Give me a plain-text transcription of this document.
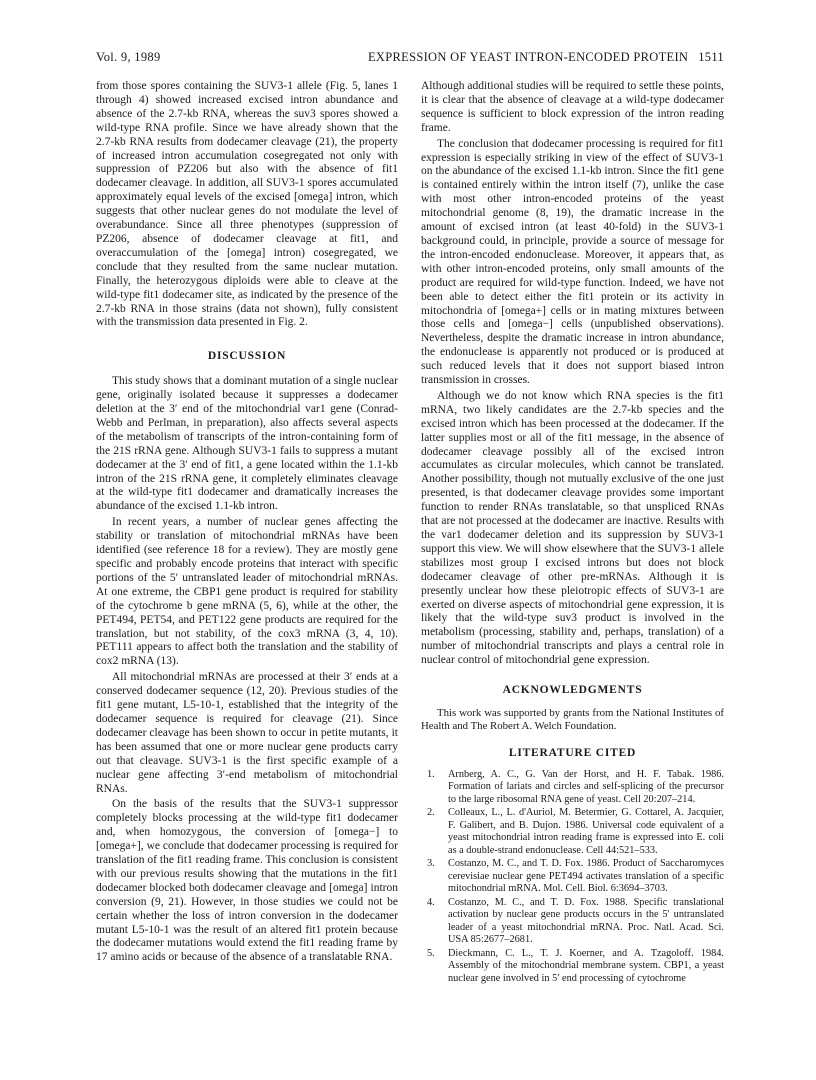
Vol. 9, 1989	EXPRESSION OF YEAST INTRON-ENCODED PROTEIN 1511

from those spores containing the SUV3-1 allele (Fig. 5, lanes 1 through 4) showed increased excised intron abundance and absence of the 2.7-kb RNA, whereas the suv3 spores showed a wild-type RNA profile. Since we have already shown that the 2.7-kb RNA results from dodecamer cleavage (21), the property of increased intron accumulation cosegregated not only with suppression of PZ206 but also with the absence of fit1 dodecamer cleavage. In addition, all SUV3-1 spores accumulated approximately equal levels of the excised [omega] intron, which suggests that other nuclear genes do not modulate the level of overabundance. Since all three phenotypes (suppression of PZ206, absence of dodecamer cleavage at fit1, and overaccumulation of the [omega] intron) cosegregated, we conclude that they resulted from the same nuclear mutation. Finally, the heterozygous diploids were able to cleave at the wild-type fit1 dodecamer site, as indicated by the presence of the 2.7-kb RNA in those strains (data not shown), fully consistent with the transmission data presented in Fig. 2.

DISCUSSION

This study shows that a dominant mutation of a single nuclear gene, originally isolated because it suppresses a dodecamer deletion at the 3′ end of the mitochondrial var1 gene (Conrad-Webb and Perlman, in preparation), also affects several aspects of the metabolism of transcripts of the intron-containing form of the 21S rRNA gene. Although SUV3-1 fails to suppress a mutant dodecamer at the 3′ end of fit1, a gene located within the 1.1-kb intron of the 21S rRNA gene, it completely eliminates cleavage at the wild-type fit1 dodecamer and dramatically increases the abundance of the excised 1.1-kb intron.

In recent years, a number of nuclear genes affecting the stability or translation of mitochondrial mRNAs have been identified (see reference 18 for a review). They are mostly gene specific and probably encode proteins that interact with specific portions of the 5′ untranslated leader of mitochondrial mRNAs. At one extreme, the CBP1 gene product is required for stability of the cytochrome b gene mRNA (5, 6), while at the other, the PET494, PET54, and PET122 gene products are required for the translation, but not stability, of the cox3 mRNA (3, 4, 10). PET111 appears to affect both the translation and the stability of cox2 mRNA (13).

All mitochondrial mRNAs are processed at their 3′ ends at a conserved dodecamer sequence (12, 20). Previous studies of the fit1 gene mutant, L5-10-1, established that the integrity of the dodecamer sequence is required for cleavage (21). Since dodecamer cleavage has been shown to occur in petite mutants, it has been assumed that one or more nuclear gene products carry out that cleavage. SUV3-1 is the first specific example of a nuclear gene affecting 3′-end metabolism of mitochondrial RNAs.

On the basis of the results that the SUV3-1 suppressor completely blocks processing at the wild-type fit1 dodecamer and, when homozygous, the conversion of [omega−] to [omega+], we conclude that dodecamer processing is required for translation of the fit1 reading frame. This conclusion is consistent with our previous results showing that the mutations in the fit1 dodecamer blocked both dodecamer cleavage and [omega] intron conversion (9, 21). However, in those studies we could not be certain whether the loss of intron conversion in the dodecamer mutant L5-10-1 was the result of an altered fit1 protein because the dodecamer mutations would extend the fit1 reading frame by 17 amino acids or because of the absence of a translatable RNA.

Although additional studies will be required to settle these points, it is clear that the absence of cleavage at a wild-type dodecamer sequence is sufficient to block expression of the intron reading frame.

The conclusion that dodecamer processing is required for fit1 expression is especially striking in view of the effect of SUV3-1 on the abundance of the excised 1.1-kb intron. Since the fit1 gene is contained entirely within the intron itself (7), unlike the case with most other intron-encoded proteins of the yeast mitochondrial genome (8, 19), the dramatic increase in the amount of excised intron (at least 40-fold) in the SUV3-1 background could, in principle, provide a source of message for the intron-encoded endonuclease. Moreover, it appears that, as with other intron-encoded proteins, only small amounts of the product are required for wild-type function. Indeed, we have not been able to detect either the fit1 protein or its activity in mitochondria of [omega+] cells or in mating mixtures between those cells and [omega−] cells (unpublished observations). Nevertheless, despite the dramatic increase in intron abundance, the endonuclease is apparently not produced or is produced at such reduced levels that it does not support biased intron transmission in crosses.

Although we do not know which RNA species is the fit1 mRNA, two likely candidates are the 2.7-kb species and the excised intron which has been processed at the dodecamer. If the latter supplies most or all of the fit1 message, in the absence of dodecamer cleavage possibly all of the excised intron accumulates as circular molecules, which cannot be translated. Another possibility, though not mutually exclusive of the one just presented, is that dodecamer cleavage provides some important function to render RNAs translatable, so that unspliced RNAs that are not processed at the dodecamer are inactive. Results with the var1 dodecamer deletion and its suppression by SUV3-1 support this view. We will show elsewhere that the SUV3-1 allele stabilizes most group I excised introns but does not block dodecamer cleavage of other pre-mRNAs. Although it is presently unclear how these pleiotropic effects of SUV3-1 are exerted on diverse aspects of mitochondrial gene expression, it is likely that the wild-type suv3 product is involved in the metabolism (processing, stability and, perhaps, translation) of a number of mitochondrial transcripts and plays a central role in nuclear control of mitochondrial gene expression.

ACKNOWLEDGMENTS

This work was supported by grants from the National Institutes of Health and The Robert A. Welch Foundation.

LITERATURE CITED
1. Arnberg, A. C., G. Van der Horst, and H. F. Tabak. 1986. Formation of lariats and circles and self-splicing of the precursor to the large ribosomal RNA gene of yeast. Cell 20:207–214.
2. Colleaux, L., L. d'Auriol, M. Betermier, G. Cottarel, A. Jacquier, F. Galibert, and B. Dujon. 1986. Universal code equivalent of a yeast mitochondrial intron reading frame is expressed into E. coli as a double-strand endonuclease. Cell 44:521–533.
3. Costanzo, M. C., and T. D. Fox. 1986. Product of Saccharomyces cerevisiae nuclear gene PET494 activates translation of a specific mitochondrial mRNA. Mol. Cell. Biol. 6:3694–3703.
4. Costanzo, M. C., and T. D. Fox. 1988. Specific translational activation by nuclear gene products occurs in the 5′ untranslated leader of a yeast mitochondrial mRNA. Proc. Natl. Acad. Sci. USA 85:2677–2681.
5. Dieckmann, C. L., T. J. Koerner, and A. Tzagoloff. 1984. Assembly of the mitochondrial membrane system. CBP1, a yeast nuclear gene involved in 5′ end processing of cytochrome
